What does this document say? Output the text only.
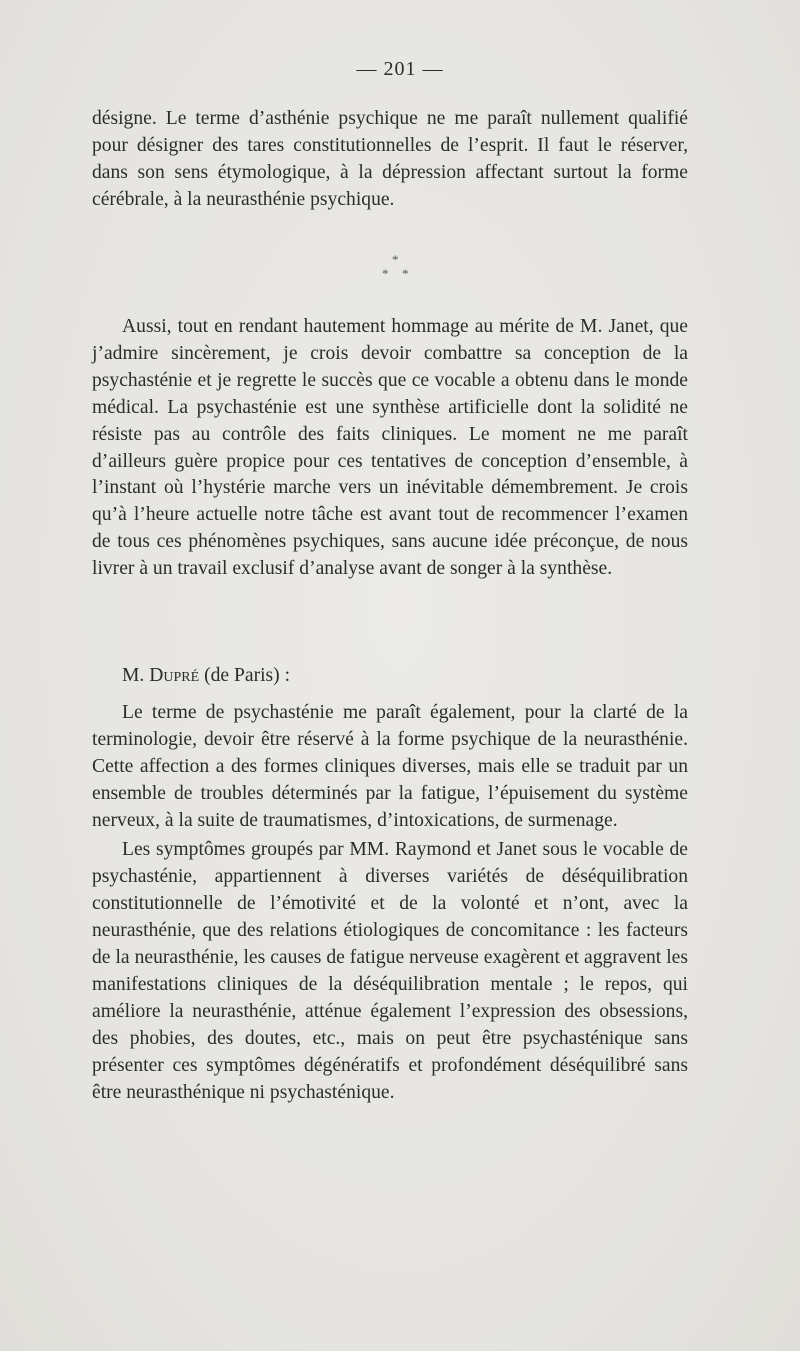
— 201 —

désigne. Le terme d’asthénie psychique ne me paraît nullement qualifié pour désigner des tares constitutionnelles de l’esprit. Il faut le réserver, dans son sens étymologique, à la dépression affectant surtout la forme cérébrale, à la neurasthénie psychique.

*
* *

Aussi, tout en rendant hautement hommage au mérite de M. Janet, que j’admire sincèrement, je crois devoir combattre sa conception de la psychasténie et je regrette le succès que ce vocable a obtenu dans le monde médical. La psychasténie est une synthèse artificielle dont la solidité ne résiste pas au contrôle des faits cliniques. Le moment ne me paraît d’ailleurs guère propice pour ces tentatives de conception d’ensemble, à l’instant où l’hystérie marche vers un inévitable démembrement. Je crois qu’à l’heure actuelle notre tâche est avant tout de recommencer l’examen de tous ces phénomènes psychiques, sans aucune idée préconçue, de nous livrer à un travail exclusif d’analyse avant de songer à la synthèse.

M. Dupré (de Paris) :

Le terme de psychasténie me paraît également, pour la clarté de la terminologie, devoir être réservé à la forme psychique de la neurasthénie. Cette affection a des formes cliniques diverses, mais elle se traduit par un ensemble de troubles déterminés par la fatigue, l’épuisement du système nerveux, à la suite de traumatismes, d’intoxications, de surmenage.

Les symptômes groupés par MM. Raymond et Janet sous le vocable de psychasténie, appartiennent à diverses variétés de déséquilibration constitutionnelle de l’émotivité et de la volonté et n’ont, avec la neurasthénie, que des relations étiologiques de concomitance : les facteurs de la neurasthénie, les causes de fatigue nerveuse exagèrent et aggravent les manifestations cliniques de la déséquilibration mentale ; le repos, qui améliore la neurasthénie, atténue également l’expression des obsessions, des phobies, des doutes, etc., mais on peut être psychasténique sans présenter ces symptômes dégénératifs et profondément déséquilibré sans être neurasthénique ni psychasténique.
